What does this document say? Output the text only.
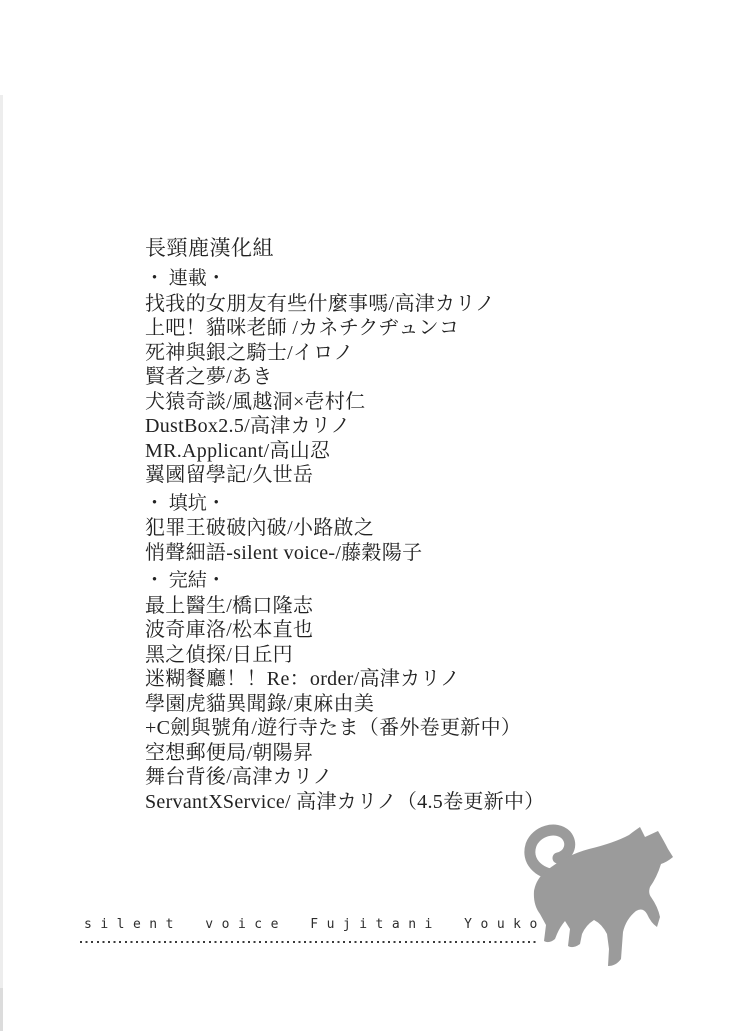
長頸鹿漢化組
・ 連載・
找我的女朋友有些什麼事嗎/高津カリノ
上吧！貓咪老師 /カネチクヂュンコ
死神與銀之騎士/イロノ
賢者之夢/あき
犬猿奇談/風越洞×壱村仁
DustBox2.5/高津カリノ
MR.Applicant/高山忍
翼國留學記/久世岳
・ 填坑・
犯罪王破破內破/小路啟之
悄聲細語-silent voice-/藤穀陽子
・ 完結・
最上醫生/橋口隆志
波奇庫洛/松本直也
黑之偵探/日丘円
迷糊餐廳！！Re：order/高津カリノ
學園虎貓異聞錄/東麻由美
+C劍與號角/遊行寺たま（番外卷更新中）
空想郵便局/朝陽昇
舞台背後/高津カリノ
ServantXService/ 高津カリノ（4.5卷更新中）
silent voice Fujitani Youko
